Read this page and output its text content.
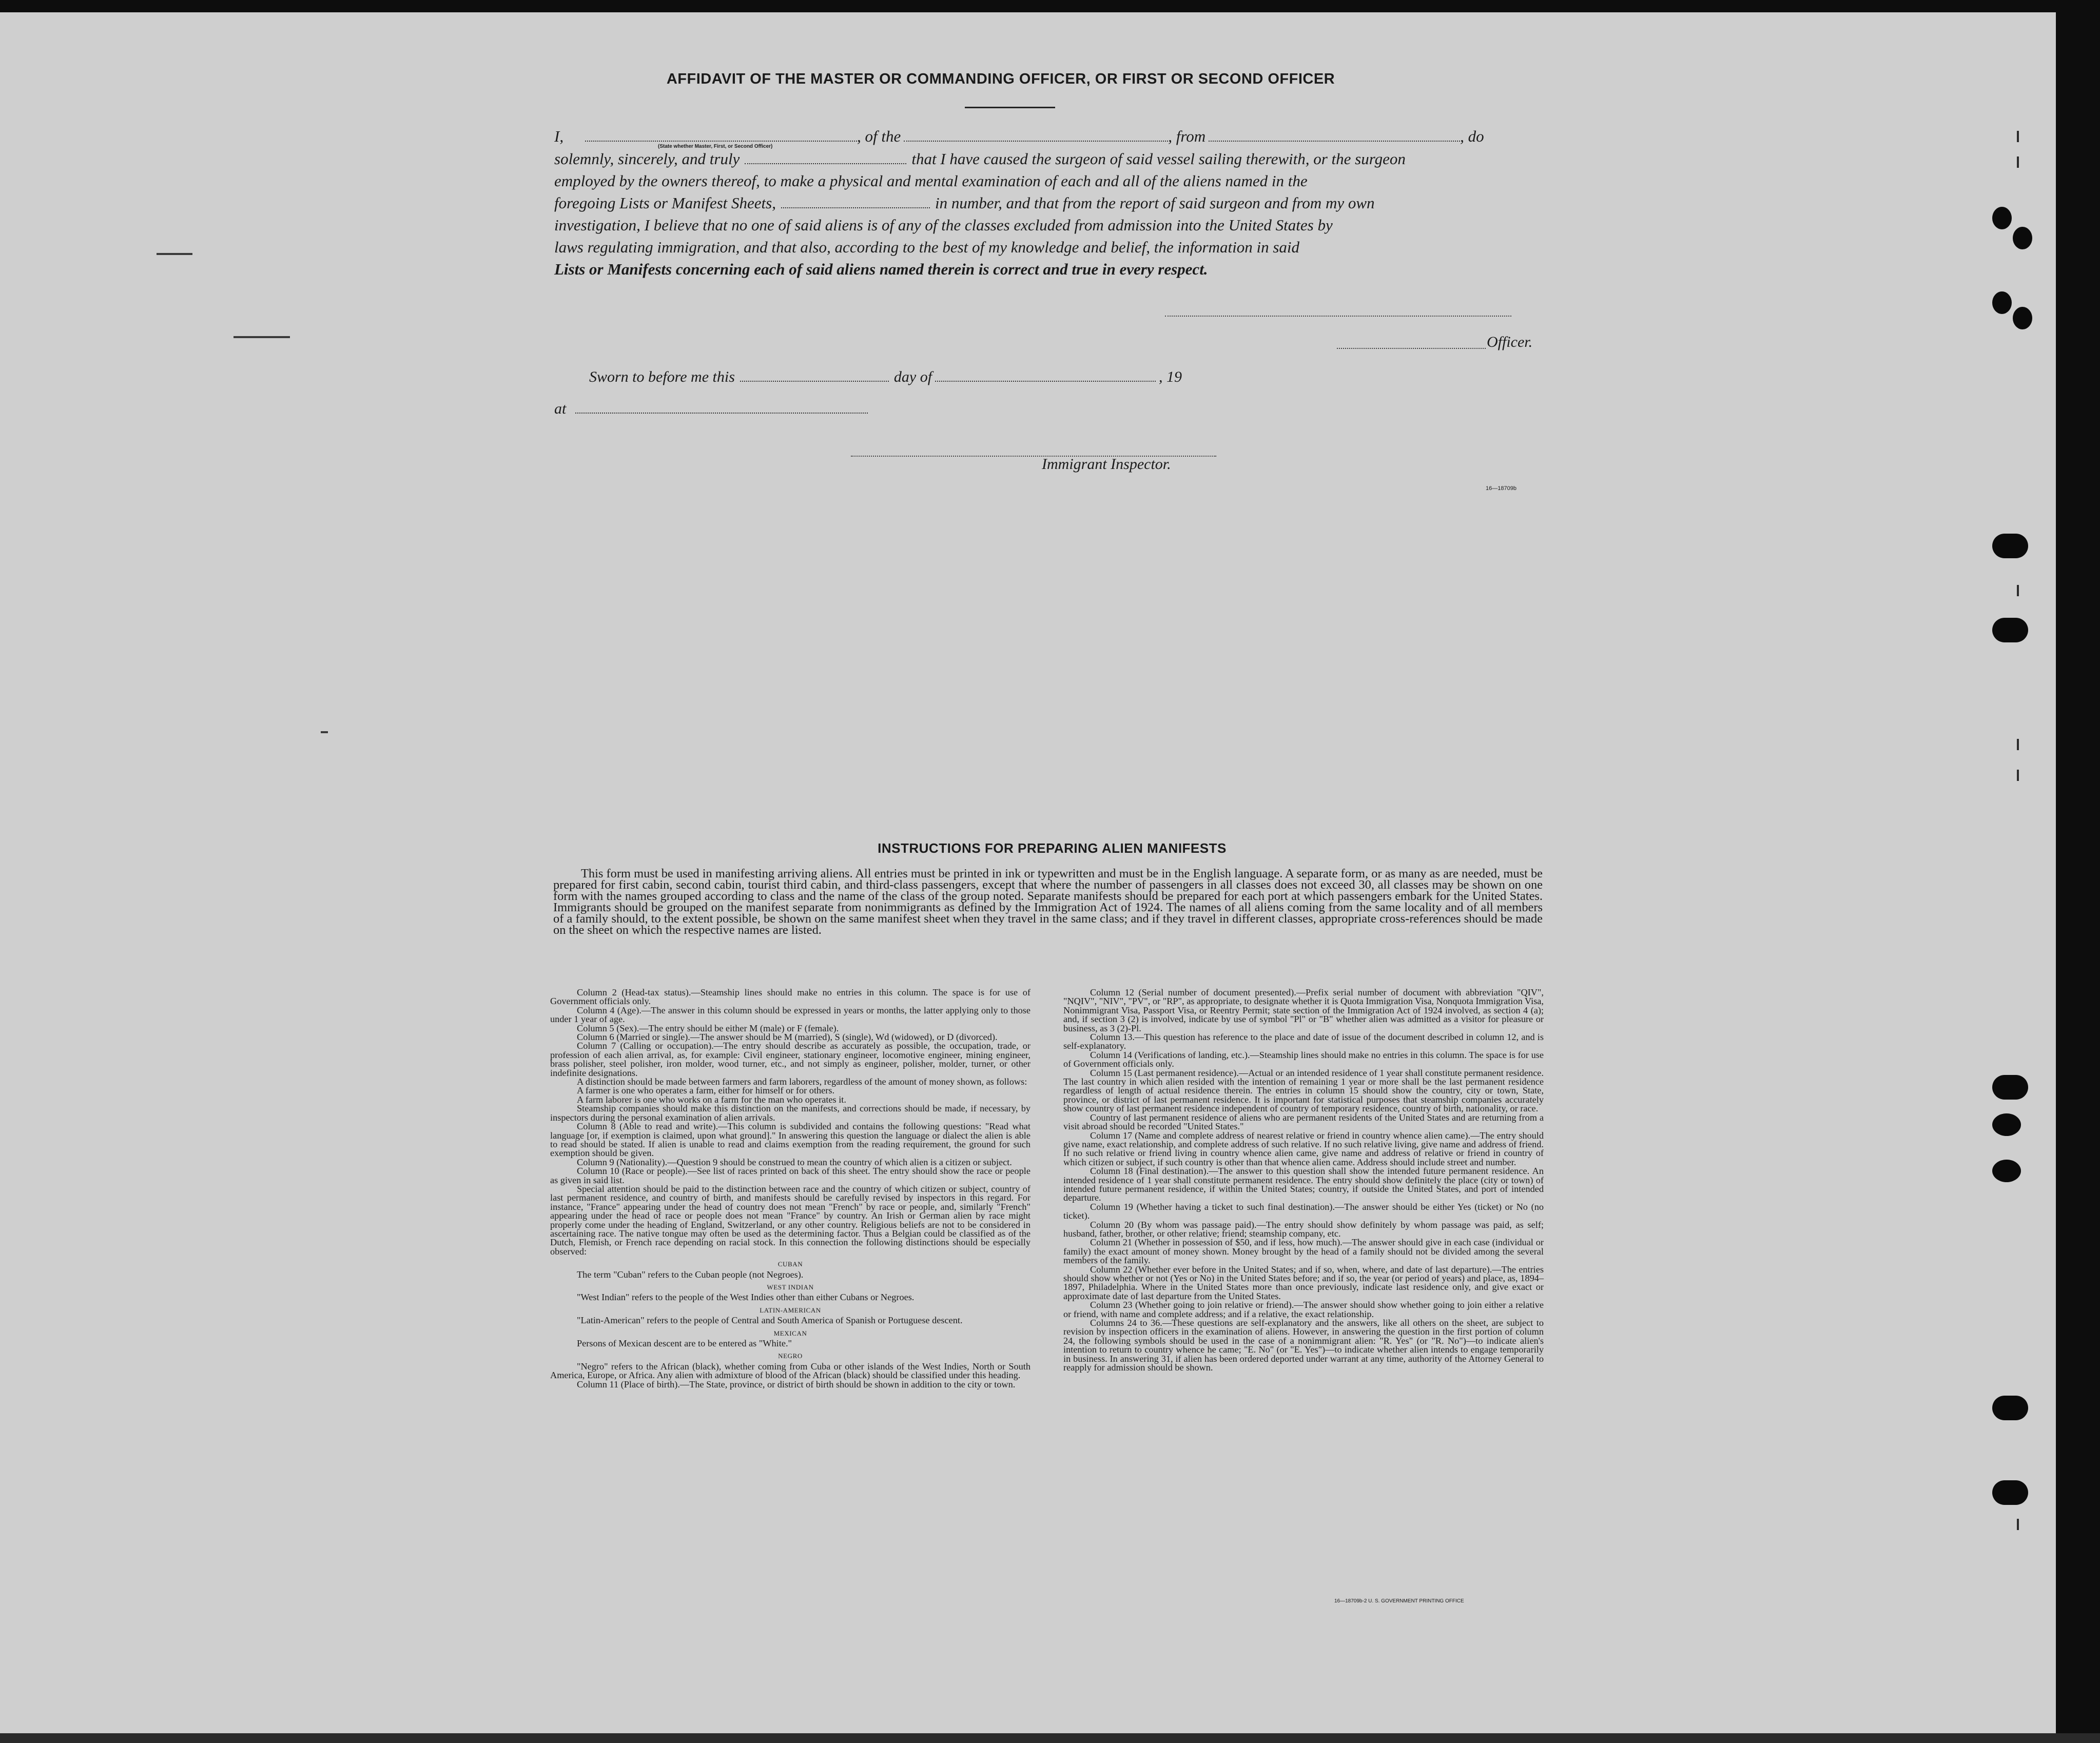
AFFIDAVIT OF THE MASTER OR COMMANDING OFFICER, OR FIRST OR SECOND OFFICER
I,	, of the	, from	, do
(State whether Master, First, or Second Officer)
solemnly, sincerely, and truly	that I have caused the surgeon of said vessel sailing therewith, or the surgeon
employed by the owners thereof, to make a physical and mental examination of each and all of the aliens named in the
foregoing Lists or Manifest Sheets,	in number, and that from the report of said surgeon and from my own
investigation, I believe that no one of said aliens is of any of the classes excluded from admission into the United States by
laws regulating immigration, and that also, according to the best of my knowledge and belief, the information in said
Lists or Manifests concerning each of said aliens named therein is correct and true in every respect.
Officer.
Sworn to before me this	day of	, 19
at
Immigrant Inspector.
16—18709b
INSTRUCTIONS FOR PREPARING ALIEN MANIFESTS
This form must be used in manifesting arriving aliens. All entries must be printed in ink or typewritten and must be in the English language. A separate form, or as many as are needed, must be prepared for first cabin, second cabin, tourist third cabin, and third-class passengers, except that where the number of passengers in all classes does not exceed 30, all classes may be shown on one form with the names grouped according to class and the name of the class of the group noted. Separate manifests should be prepared for each port at which passengers embark for the United States. Immigrants should be grouped on the manifest separate from nonimmigrants as defined by the Immigration Act of 1924. The names of all aliens coming from the same locality and of all members of a family should, to the extent possible, be shown on the same manifest sheet when they travel in the same class; and if they travel in different classes, appropriate cross-references should be made on the sheet on which the respective names are listed.

Column 2 (Head-tax status).—Steamship lines should make no entries in this column. The space is for use of Government officials only.

Column 4 (Age).—The answer in this column should be expressed in years or months, the latter applying only to those under 1 year of age.

Column 5 (Sex).—The entry should be either M (male) or F (female).

Column 6 (Married or single).—The answer should be M (married), S (single), Wd (widowed), or D (divorced).

Column 7 (Calling or occupation).—The entry should describe as accurately as possible, the occupation, trade, or profession of each alien arrival, as, for example: Civil engineer, stationary engineer, locomotive engineer, mining engineer, brass polisher, steel polisher, iron molder, wood turner, etc., and not simply as engineer, polisher, molder, turner, or other indefinite designations.

A distinction should be made between farmers and farm laborers, regardless of the amount of money shown, as follows:

A farmer is one who operates a farm, either for himself or for others.

A farm laborer is one who works on a farm for the man who operates it.

Steamship companies should make this distinction on the manifests, and corrections should be made, if necessary, by inspectors during the personal examination of alien arrivals.

Column 8 (Able to read and write).—This column is subdivided and contains the following questions: "Read what language [or, if exemption is claimed, upon what ground]." In answering this question the language or dialect the alien is able to read should be stated. If alien is unable to read and claims exemption from the reading requirement, the ground for such exemption should be given.

Column 9 (Nationality).—Question 9 should be construed to mean the country of which alien is a citizen or subject.

Column 10 (Race or people).—See list of races printed on back of this sheet. The entry should show the race or people as given in said list.

Special attention should be paid to the distinction between race and the country of which citizen or subject, country of last permanent residence, and country of birth, and manifests should be carefully revised by inspectors in this regard. For instance, "France" appearing under the head of country does not mean "French" by race or people, and, similarly "French" appearing under the head of race or people does not mean "France" by country. An Irish or German alien by race might properly come under the heading of England, Switzerland, or any other country. Religious beliefs are not to be considered in ascertaining race. The native tongue may often be used as the determining factor. Thus a Belgian could be classified as of the Dutch, Flemish, or French race depending on racial stock. In this connection the following distinctions should be especially observed:

CUBAN

The term "Cuban" refers to the Cuban people (not Negroes).

WEST INDIAN

"West Indian" refers to the people of the West Indies other than either Cubans or Negroes.

LATIN-AMERICAN

"Latin-American" refers to the people of Central and South America of Spanish or Portuguese descent.

MEXICAN

Persons of Mexican descent are to be entered as "White."

NEGRO

"Negro" refers to the African (black), whether coming from Cuba or other islands of the West Indies, North or South America, Europe, or Africa. Any alien with admixture of blood of the African (black) should be classified under this heading.

Column 11 (Place of birth).—The State, province, or district of birth should be shown in addition to the city or town.

Column 12 (Serial number of document presented).—Prefix serial number of document with abbreviation "QIV", "NQIV", "NIV", "PV", or "RP", as appropriate, to designate whether it is Quota Immigration Visa, Nonquota Immigration Visa, Nonimmigrant Visa, Passport Visa, or Reentry Permit; state section of the Immigration Act of 1924 involved, as section 4 (a); and, if section 3 (2) is involved, indicate by use of symbol "Pl" or "B" whether alien was admitted as a visitor for pleasure or business, as 3 (2)-Pl.

Column 13.—This question has reference to the place and date of issue of the document described in column 12, and is self-explanatory.

Column 14 (Verifications of landing, etc.).—Steamship lines should make no entries in this column. The space is for use of Government officials only.

Column 15 (Last permanent residence).—Actual or an intended residence of 1 year shall constitute permanent residence. The last country in which alien resided with the intention of remaining 1 year or more shall be the last permanent residence regardless of length of actual residence therein. The entries in column 15 should show the country, city or town, State, province, or district of last permanent residence. It is important for statistical purposes that steamship companies accurately show country of last permanent residence independent of country of temporary residence, country of birth, nationality, or race.

Country of last permanent residence of aliens who are permanent residents of the United States and are returning from a visit abroad should be recorded "United States."

Column 17 (Name and complete address of nearest relative or friend in country whence alien came).—The entry should give name, exact relationship, and complete address of such relative. If no such relative living, give name and address of friend. If no such relative or friend living in country whence alien came, give name and address of relative or friend in country of which citizen or subject, if such country is other than that whence alien came. Address should include street and number.

Column 18 (Final destination).—The answer to this question shall show the intended future permanent residence. An intended residence of 1 year shall constitute permanent residence. The entry should show definitely the place (city or town) of intended future permanent residence, if within the United States; country, if outside the United States, and port of intended departure.

Column 19 (Whether having a ticket to such final destination).—The answer should be either Yes (ticket) or No (no ticket).

Column 20 (By whom was passage paid).—The entry should show definitely by whom passage was paid, as self; husband, father, brother, or other relative; friend; steamship company, etc.

Column 21 (Whether in possession of $50, and if less, how much).—The answer should give in each case (individual or family) the exact amount of money shown. Money brought by the head of a family should not be divided among the several members of the family.

Column 22 (Whether ever before in the United States; and if so, when, where, and date of last departure).—The entries should show whether or not (Yes or No) in the United States before; and if so, the year (or period of years) and place, as, 1894–1897, Philadelphia. Where in the United States more than once previously, indicate last residence only, and give exact or approximate date of last departure from the United States.

Column 23 (Whether going to join relative or friend).—The answer should show whether going to join either a relative or friend, with name and complete address; and if a relative, the exact relationship.

Columns 24 to 36.—These questions are self-explanatory and the answers, like all others on the sheet, are subject to revision by inspection officers in the examination of aliens. However, in answering the question in the first portion of column 24, the following symbols should be used in the case of a nonimmigrant alien: "R. Yes" (or "R. No")—to indicate alien's intention to return to country whence he came; "E. No" (or "E. Yes")—to indicate whether alien intends to engage temporarily in business. In answering 31, if alien has been ordered deported under warrant at any time, authority of the Attorney General to reapply for admission should be shown.

16—18709b-2 U. S. GOVERNMENT PRINTING OFFICE
